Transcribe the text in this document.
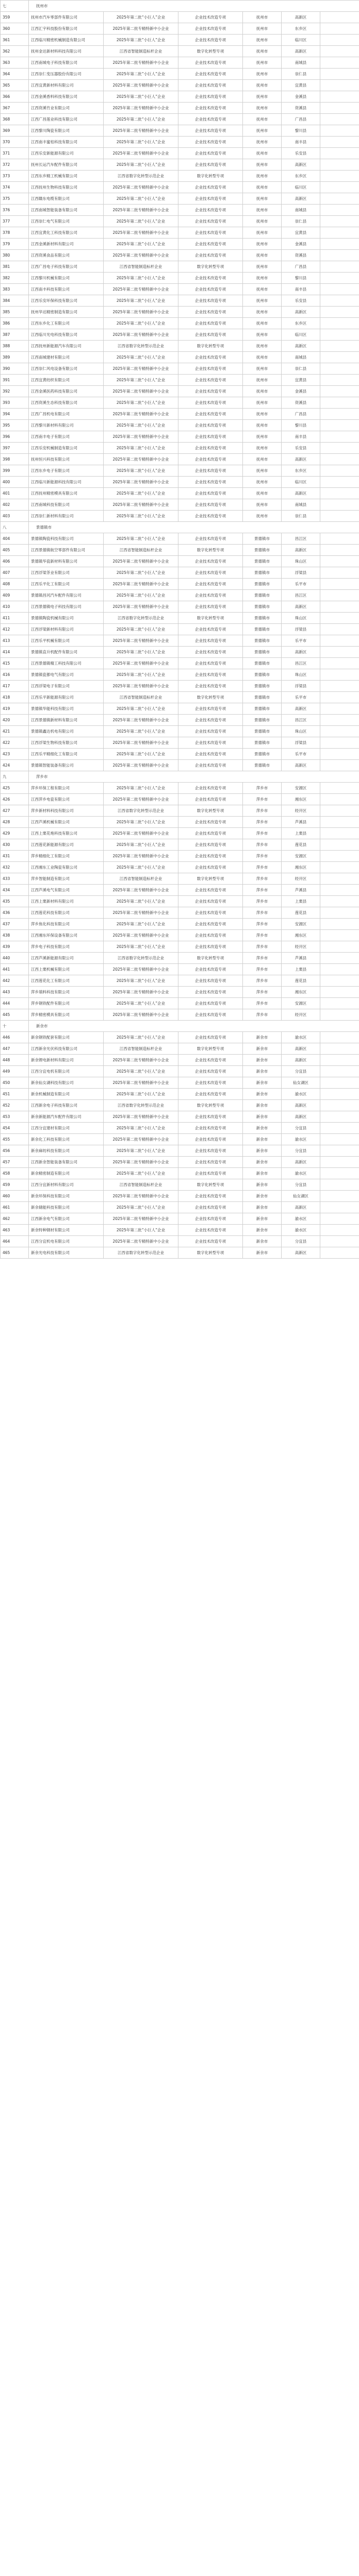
七	抚州市					
359	抚州市汽车零部件有限公司	2025年第二批“小巨人”企业	企业技术改造专项	抚州市	高新区	
360	江西汇宇科技股份有限公司	2025年第二批专精特新中小企业	企业技术改造专项	抚州市	东乡区	
361	江西临川精密机械制造有限公司	2025年第二批“小巨人”企业	企业技术改造专项	抚州市	临川区	
362	抚州金达新材料科技有限公司	江西省智能制造标杆企业	数字化转型专项	抚州市	高新区	
363	江西南城电子科技有限公司	2025年第二批专精特新中小企业	企业技术改造专项	抚州市	南城县	
364	江西崇仁变压器股份有限公司	2025年第二批“小巨人”企业	企业技术改造专项	抚州市	崇仁县	
365	江西宜黄新材料有限公司	2025年第二批专精特新中小企业	企业技术改造专项	抚州市	宜黄县	
366	江西金溪香料科技有限公司	2025年第二批“小巨人”企业	企业技术改造专项	抚州市	金溪县	
367	江西资溪竹业有限公司	2025年第二批专精特新中小企业	企业技术改造专项	抚州市	资溪县	
368	江西广昌莲业科技有限公司	2025年第二批“小巨人”企业	企业技术改造专项	抚州市	广昌县	
369	江西黎川陶瓷有限公司	2025年第二批专精特新中小企业	企业技术改造专项	抚州市	黎川县	
370	江西南丰蜜桔科技有限公司	2025年第二批“小巨人”企业	企业技术改造专项	抚州市	南丰县	
371	江西乐安新能源有限公司	2025年第二批专精特新中小企业	企业技术改造专项	抚州市	乐安县	
372	抚州长运汽车配件有限公司	2025年第二批“小巨人”企业	企业技术改造专项	抚州市	高新区	
373	江西东乡精工机械有限公司	江西省数字化转型示范企业	数字化转型专项	抚州市	东乡区	
374	江西抚州生物科技有限公司	2025年第二批专精特新中小企业	企业技术改造专项	抚州市	临川区	
375	江西赣东电缆有限公司	2025年第二批“小巨人”企业	企业技术改造专项	抚州市	高新区	
376	江西南城智能装备有限公司	2025年第二批专精特新中小企业	企业技术改造专项	抚州市	南城县	
377	江西崇仁电气有限公司	2025年第二批“小巨人”企业	企业技术改造专项	抚州市	崇仁县	
378	江西宜黄化工科技有限公司	2025年第二批专精特新中小企业	企业技术改造专项	抚州市	宜黄县	
379	江西金溪新材料有限公司	2025年第二批“小巨人”企业	企业技术改造专项	抚州市	金溪县	
380	江西资溪食品有限公司	2025年第二批专精特新中小企业	企业技术改造专项	抚州市	资溪县	
381	江西广昌电子科技有限公司	江西省智能制造标杆企业	数字化转型专项	抚州市	广昌县	
382	江西黎川机械有限公司	2025年第二批“小巨人”企业	企业技术改造专项	抚州市	黎川县	
383	江西南丰科技有限公司	2025年第二批专精特新中小企业	企业技术改造专项	抚州市	南丰县	
384	江西乐安环保科技有限公司	2025年第二批“小巨人”企业	企业技术改造专项	抚州市	乐安县	
385	抚州华达精密制造有限公司	2025年第二批专精特新中小企业	企业技术改造专项	抚州市	高新区	
386	江西东乡化工有限公司	2025年第二批“小巨人”企业	企业技术改造专项	抚州市	东乡区	
387	江西临川光电科技有限公司	2025年第二批专精特新中小企业	企业技术改造专项	抚州市	临川区	
388	江西抚州新能源汽车有限公司	江西省数字化转型示范企业	数字化转型专项	抚州市	高新区	
389	江西南城建材有限公司	2025年第二批“小巨人”企业	企业技术改造专项	抚州市	南城县	
390	江西崇仁风电设备有限公司	2025年第二批专精特新中小企业	企业技术改造专项	抚州市	崇仁县	
391	江西宜黄纺织有限公司	2025年第二批“小巨人”企业	企业技术改造专项	抚州市	宜黄县	
392	江西金溪医药科技有限公司	2025年第二批专精特新中小企业	企业技术改造专项	抚州市	金溪县	
393	江西资溪生态科技有限公司	2025年第二批“小巨人”企业	企业技术改造专项	抚州市	资溪县	
394	江西广昌机电有限公司	2025年第二批专精特新中小企业	企业技术改造专项	抚州市	广昌县	
395	江西黎川新材料有限公司	2025年第二批“小巨人”企业	企业技术改造专项	抚州市	黎川县	
396	江西南丰电子有限公司	2025年第二批专精特新中小企业	企业技术改造专项	抚州市	南丰县	
397	江西乐安机械制造有限公司	2025年第二批“小巨人”企业	企业技术改造专项	抚州市	乐安县	
398	抚州恒兴科技有限公司	2025年第二批专精特新中小企业	企业技术改造专项	抚州市	高新区	
399	江西东乡电子有限公司	2025年第二批“小巨人”企业	企业技术改造专项	抚州市	东乡区	
400	江西临川新能源科技有限公司	2025年第二批专精特新中小企业	企业技术改造专项	抚州市	临川区	
401	江西抚州精密模具有限公司	2025年第二批“小巨人”企业	企业技术改造专项	抚州市	高新区	
402	江西南城科技有限公司	2025年第二批专精特新中小企业	企业技术改造专项	抚州市	南城县	
403	江西崇仁新材料有限公司	2025年第二批“小巨人”企业	企业技术改造专项	抚州市	崇仁县	
八	景德镇市					
404	景德镇陶瓷科技有限公司	2025年第二批“小巨人”企业	企业技术改造专项	景德镇市	昌江区	
405	江西景德镇航空零部件有限公司	江西省智能制造标杆企业	数字化转型专项	景德镇市	高新区	
406	景德镇华瓷新材料有限公司	2025年第二批专精特新中小企业	企业技术改造专项	景德镇市	珠山区	
407	江西浮梁茶业有限公司	2025年第二批“小巨人”企业	企业技术改造专项	景德镇市	浮梁县	
408	江西乐平化工有限公司	2025年第二批专精特新中小企业	企业技术改造专项	景德镇市	乐平市	
409	景德镇昌河汽车配件有限公司	2025年第二批“小巨人”企业	企业技术改造专项	景德镇市	昌江区	
410	江西景德镇电子科技有限公司	2025年第二批专精特新中小企业	企业技术改造专项	景德镇市	高新区	
411	景德镇陶瓷机械有限公司	江西省数字化转型示范企业	数字化转型专项	景德镇市	珠山区	
412	江西浮梁新材料有限公司	2025年第二批“小巨人”企业	企业技术改造专项	景德镇市	浮梁县	
413	江西乐平机械有限公司	2025年第二批专精特新中小企业	企业技术改造专项	景德镇市	乐平市	
414	景德镇直升机配件有限公司	2025年第二批“小巨人”企业	企业技术改造专项	景德镇市	高新区	
415	江西景德镇精工科技有限公司	2025年第二批专精特新中小企业	企业技术改造专项	景德镇市	昌江区	
416	景德镇瓷都电气有限公司	2025年第二批“小巨人”企业	企业技术改造专项	景德镇市	珠山区	
417	江西浮梁电子有限公司	2025年第二批专精特新中小企业	企业技术改造专项	景德镇市	浮梁县	
418	江西乐平新能源有限公司	江西省智能制造标杆企业	数字化转型专项	景德镇市	乐平市	
419	景德镇华能科技有限公司	2025年第二批“小巨人”企业	企业技术改造专项	景德镇市	高新区	
420	江西景德镇新材料有限公司	2025年第二批专精特新中小企业	企业技术改造专项	景德镇市	昌江区	
421	景德镇鑫达机电有限公司	2025年第二批“小巨人”企业	企业技术改造专项	景德镇市	珠山区	
422	江西浮梁生物科技有限公司	2025年第二批专精特新中小企业	企业技术改造专项	景德镇市	浮梁县	
423	江西乐平精细化工有限公司	2025年第二批“小巨人”企业	企业技术改造专项	景德镇市	乐平市	
424	景德镇智能装备有限公司	2025年第二批专精特新中小企业	企业技术改造专项	景德镇市	高新区	
九	萍乡市					
425	萍乡环保工程有限公司	2025年第二批“小巨人”企业	企业技术改造专项	萍乡市	安源区	
426	江西萍乡电瓷有限公司	2025年第二批专精特新中小企业	企业技术改造专项	萍乡市	湘东区	
427	萍乡新材料科技有限公司	江西省数字化转型示范企业	数字化转型专项	萍乡市	经开区	
428	江西芦溪机械有限公司	2025年第二批“小巨人”企业	企业技术改造专项	萍乡市	芦溪县	
429	江西上栗花炮科技有限公司	2025年第二批专精特新中小企业	企业技术改造专项	萍乡市	上栗县	
430	江西莲花新能源有限公司	2025年第二批“小巨人”企业	企业技术改造专项	萍乡市	莲花县	
431	萍乡精细化工有限公司	2025年第二批专精特新中小企业	企业技术改造专项	萍乡市	安源区	
432	江西湘东工业陶瓷有限公司	2025年第二批“小巨人”企业	企业技术改造专项	萍乡市	湘东区	
433	萍乡智能制造有限公司	江西省智能制造标杆企业	数字化转型专项	萍乡市	经开区	
434	江西芦溪电气有限公司	2025年第二批专精特新中小企业	企业技术改造专项	萍乡市	芦溪县	
435	江西上栗新材料有限公司	2025年第二批“小巨人”企业	企业技术改造专项	萍乡市	上栗县	
436	江西莲花科技有限公司	2025年第二批专精特新中小企业	企业技术改造专项	萍乡市	莲花县	
437	萍乡焦化科技有限公司	2025年第二批“小巨人”企业	企业技术改造专项	萍乡市	安源区	
438	江西湘东环保设备有限公司	2025年第二批专精特新中小企业	企业技术改造专项	萍乡市	湘东区	
439	萍乡电子科技有限公司	2025年第二批“小巨人”企业	企业技术改造专项	萍乡市	经开区	
440	江西芦溪新能源有限公司	江西省数字化转型示范企业	数字化转型专项	萍乡市	芦溪县	
441	江西上栗机械有限公司	2025年第二批专精特新中小企业	企业技术改造专项	萍乡市	上栗县	
442	江西莲花化工有限公司	2025年第二批“小巨人”企业	企业技术改造专项	萍乡市	莲花县	
443	萍乡填料科技有限公司	2025年第二批专精特新中小企业	企业技术改造专项	萍乡市	湘东区	
444	萍乡钢铁配件有限公司	2025年第二批“小巨人”企业	企业技术改造专项	萍乡市	安源区	
445	萍乡精密模具有限公司	2025年第二批专精特新中小企业	企业技术改造专项	萍乡市	经开区	
十	新余市					
446	新余钢铁配套有限公司	2025年第二批“小巨人”企业	企业技术改造专项	新余市	渝水区	
447	江西新余光伏科技有限公司	江西省智能制造标杆企业	数字化转型专项	新余市	高新区	
448	新余锂电新材料有限公司	2025年第二批专精特新中小企业	企业技术改造专项	新余市	高新区	
449	江西分宜电机有限公司	2025年第二批“小巨人”企业	企业技术改造专项	新余市	分宜县	
450	新余仙女湖科技有限公司	2025年第二批专精特新中小企业	企业技术改造专项	新余市	仙女湖区	
451	新余机械制造有限公司	2025年第二批“小巨人”企业	企业技术改造专项	新余市	渝水区	
452	江西新余电子科技有限公司	江西省数字化转型示范企业	数字化转型专项	新余市	高新区	
453	新余新能源汽车配件有限公司	2025年第二批专精特新中小企业	企业技术改造专项	新余市	高新区	
454	江西分宜建材有限公司	2025年第二批“小巨人”企业	企业技术改造专项	新余市	分宜县	
455	新余化工科技有限公司	2025年第二批专精特新中小企业	企业技术改造专项	新余市	渝水区	
456	新余麻纺科技有限公司	2025年第二批“小巨人”企业	企业技术改造专项	新余市	分宜县	
457	江西新余智能装备有限公司	2025年第二批专精特新中小企业	企业技术改造专项	新余市	高新区	
458	新余精密制造有限公司	2025年第二批“小巨人”企业	企业技术改造专项	新余市	渝水区	
459	江西分宜新材料有限公司	江西省智能制造标杆企业	数字化转型专项	新余市	分宜县	
460	新余环保科技有限公司	2025年第二批专精特新中小企业	企业技术改造专项	新余市	仙女湖区	
461	新余储能科技有限公司	2025年第二批“小巨人”企业	企业技术改造专项	新余市	高新区	
462	江西新余电气有限公司	2025年第二批专精特新中小企业	企业技术改造专项	新余市	渝水区	
463	新余特种钢材有限公司	2025年第二批“小巨人”企业	企业技术改造专项	新余市	渝水区	
464	江西分宜机电有限公司	2025年第二批专精特新中小企业	企业技术改造专项	新余市	分宜县	
465	新余光电科技有限公司	江西省数字化转型示范企业	数字化转型专项	新余市	高新区	
